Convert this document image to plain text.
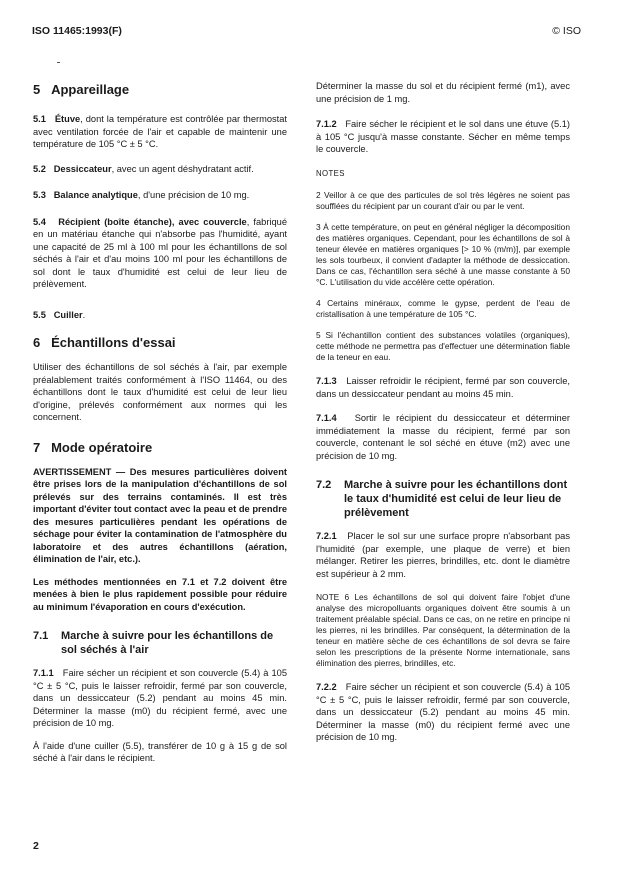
ISO 11465:1993(F)	© ISO
5 Appareillage

5.1 Étuve, dont la température est contrôlée par thermostat avec ventilation forcée de l'air et capable de maintenir une température de 105 °C ± 5 °C.

5.2 Dessiccateur, avec un agent déshydratant actif.

5.3 Balance analytique, d'une précision de 10 mg.

5.4 Récipient (boîte étanche), avec couvercle, fabriqué en un matériau étanche qui n'absorbe pas l'humidité, ayant une capacité de 25 ml à 100 ml pour les échantillons de sol séchés à l'air et d'au moins 100 ml pour les échantillons de sol dont le taux d'humidité est celui de leur lieu de prélèvement.

5.5 Cuiller.

6 Échantillons d'essai

Utiliser des échantillons de sol séchés à l'air, par exemple préalablement traités conformément à l'ISO 11464, ou des échantillons dont le taux d'humidité est celui de leur lieu d'origine, prélevés conformément aux normes qui les concernent.

7 Mode opératoire

AVERTISSEMENT — Des mesures particulières doivent être prises lors de la manipulation d'échantillons de sol prélevés sur des terrains contaminés. Il est très important d'éviter tout contact avec la peau et de prendre des mesures particulières pendant les opérations de séchage pour éviter la contamination de l'atmosphère du laboratoire et des autres échantillons (aération, élimination de l'air, etc.).

Les méthodes mentionnées en 7.1 et 7.2 doivent être menées à bien le plus rapidement possible pour réduire au minimum l'évaporation en cours d'exécution.

7.1	Marche à suivre pour les échantillons de sol séchés à l'air

7.1.1 Faire sécher un récipient et son couvercle (5.4) à 105 °C ± 5 °C, puis le laisser refroidir, fermé par son couvercle, dans un dessiccateur (5.2) pendant au moins 45 min. Déterminer la masse (m0) du récipient fermé, avec une précision de 10 mg.

À l'aide d'une cuiller (5.5), transférer de 10 g à 15 g de sol séché à l'air dans le récipient.

Déterminer la masse du sol et du récipient fermé (m1), avec une précision de 1 mg.

7.1.2 Faire sécher le récipient et le sol dans une étuve (5.1) à 105 °C jusqu'à masse constante. Sécher en même temps le couvercle.

NOTES

2 Veillor à ce que des particules de sol très légères ne soient pas soufflées du récipient par un courant d'air ou par le vent.

3 À cette température, on peut en général négliger la décomposition des matières organiques. Cependant, pour les échantillons de sol à teneur élevée en matières organiques [> 10 % (m/m)], par exemple les sols tourbeux, il convient d'adapter la méthode de dessiccation. Dans ce cas, l'échantillon sera séché à une masse constante à 50 °C. L'utilisation du vide accélère cette opération.

4 Certains minéraux, comme le gypse, perdent de l'eau de cristallisation à une température de 105 °C.

5 Si l'échantillon contient des substances volatiles (organiques), cette méthode ne permettra pas d'effectuer une détermination fiable de la teneur en eau.

7.1.3 Laisser refroidir le récipient, fermé par son couvercle, dans un dessiccateur pendant au moins 45 min.

7.1.4 Sortir le récipient du dessiccateur et déterminer immédiatement la masse du récipient, fermé par son couvercle, contenant le sol séché en étuve (m2) avec une précision de 10 mg.

7.2	Marche à suivre pour les échantillons dont le taux d'humidité est celui de leur lieu de prélèvement

7.2.1 Placer le sol sur une surface propre n'absorbant pas l'humidité (par exemple, une plaque de verre) et bien mélanger. Retirer les pierres, brindilles, etc. dont le diamètre est supérieur à 2 mm.

NOTE 6 Les échantillons de sol qui doivent faire l'objet d'une analyse des micropolluants organiques doivent être soumis à un traitement préalable spécial. Dans ce cas, on ne retire en principe ni les pierres, ni les brindilles. Par conséquent, la détermination de la teneur en matière sèche de ces échantillons de sol devra se faire selon les prescriptions de la présente Norme internationale, sans élimination des pierres, brindilles, etc.

7.2.2 Faire sécher un récipient et son couvercle (5.4) à 105 °C ± 5 °C, puis le laisser refroidir, fermé par son couvercle, dans un dessiccateur (5.2) pendant au moins 45 min. Déterminer la masse (m0) du récipient fermé avec une précision de 10 mg.

2
